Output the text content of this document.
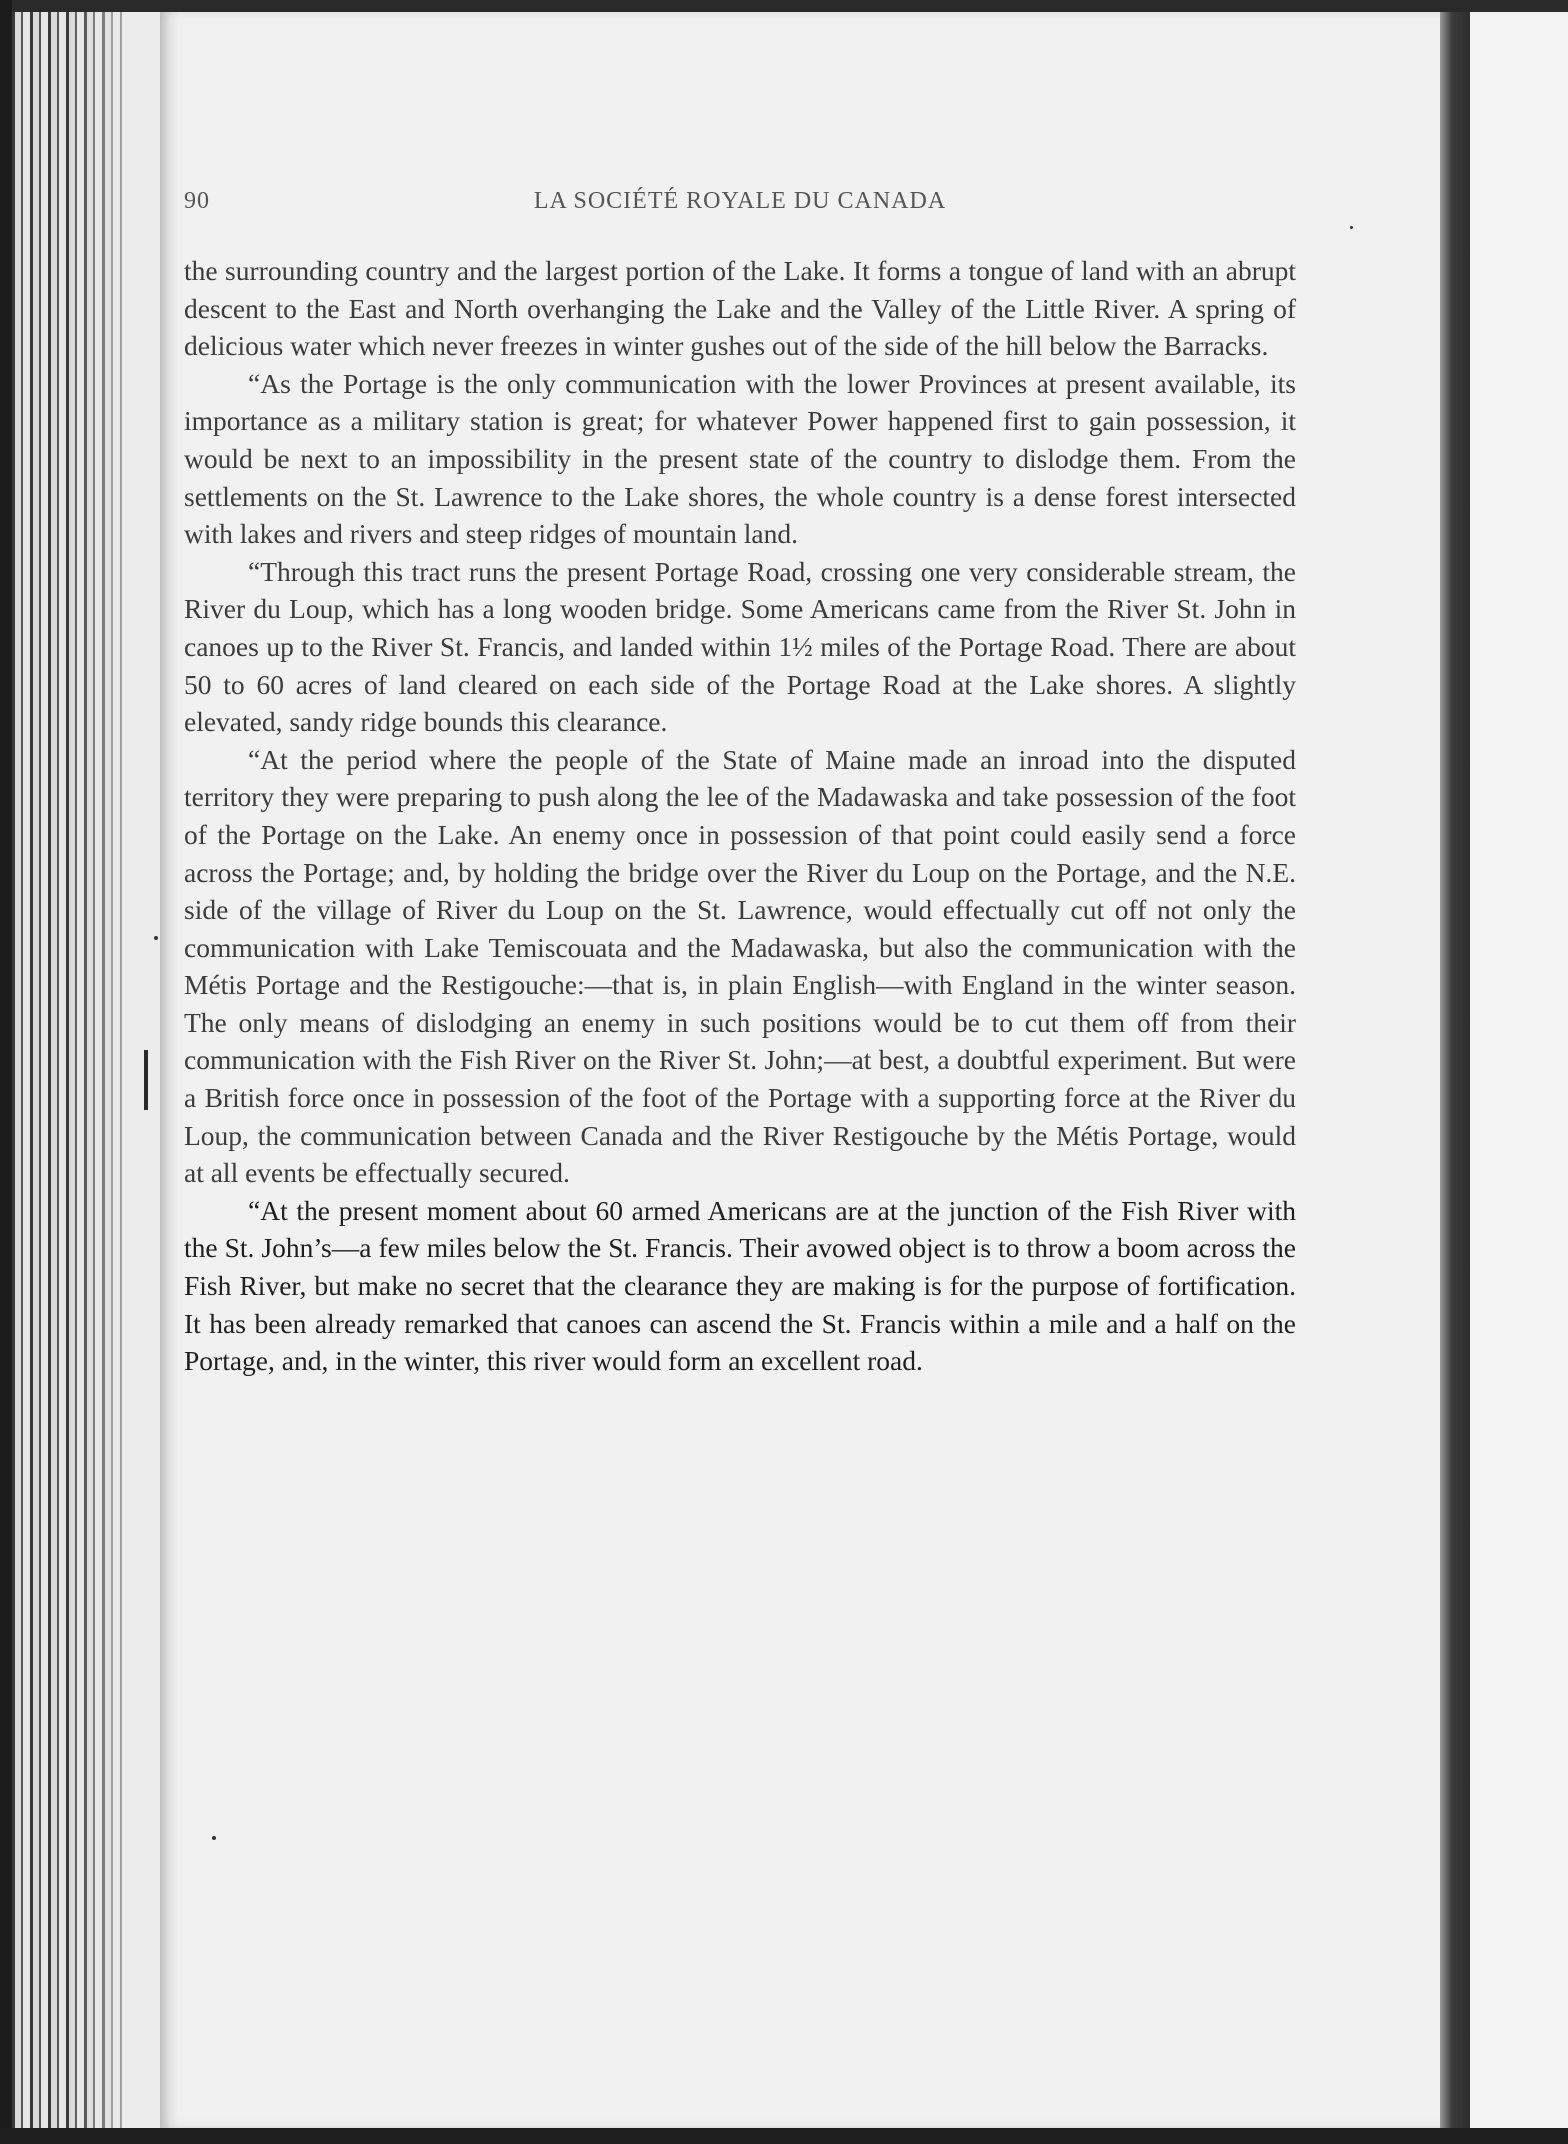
90	LA SOCIÉTÉ ROYALE DU CANADA

the surrounding country and the largest portion of the Lake. It forms a tongue of land with an abrupt descent to the East and North overhanging the Lake and the Valley of the Little River. A spring of delicious water which never freezes in winter gushes out of the side of the hill below the Barracks.

“As the Portage is the only communication with the lower Provinces at present available, its importance as a military station is great; for whatever Power happened first to gain possession, it would be next to an impossibility in the present state of the country to dislodge them. From the settlements on the St. Lawrence to the Lake shores, the whole country is a dense forest intersected with lakes and rivers and steep ridges of mountain land.

“Through this tract runs the present Portage Road, crossing one very considerable stream, the River du Loup, which has a long wooden bridge. Some Americans came from the River St. John in canoes up to the River St. Francis, and landed within 1½ miles of the Portage Road. There are about 50 to 60 acres of land cleared on each side of the Portage Road at the Lake shores. A slightly elevated, sandy ridge bounds this clearance.

“At the period where the people of the State of Maine made an inroad into the disputed territory they were preparing to push along the lee of the Madawaska and take possession of the foot of the Portage on the Lake. An enemy once in possession of that point could easily send a force across the Portage; and, by holding the bridge over the River du Loup on the Portage, and the N.E. side of the village of River du Loup on the St. Lawrence, would effectually cut off not only the communication with Lake Temiscouata and the Madawaska, but also the communication with the Métis Portage and the Restigouche:—that is, in plain English—with England in the winter season. The only means of dislodging an enemy in such positions would be to cut them off from their communication with the Fish River on the River St. John;—at best, a doubtful experiment. But were a British force once in possession of the foot of the Portage with a supporting force at the River du Loup, the communication between Canada and the River Restigouche by the Métis Portage, would at all events be effectually secured.

“At the present moment about 60 armed Americans are at the junction of the Fish River with the St. John’s—a few miles below the St. Francis. Their avowed object is to throw a boom across the Fish River, but make no secret that the clearance they are making is for the purpose of fortification. It has been already remarked that canoes can ascend the St. Francis within a mile and a half on the Portage, and, in the winter, this river would form an excellent road.
